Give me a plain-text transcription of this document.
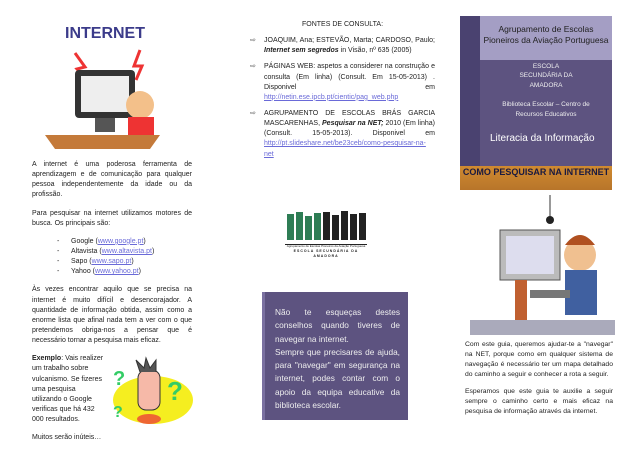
INTERNET

A internet é uma poderosa ferramenta de aprendizagem e de comunicação para qualquer pessoa independentemente da idade ou da profissão.

Para pesquisar na internet utilizamos motores de busca. Os principais são:

- Google (www.google.pt)
- Altavista (www.altavista.pt)
- Sapo (www.sapo.pt)
- Yahoo (www.yahoo.pt)

Às vezes encontrar aquilo que se precisa na internet é muito difícil e desencorajador. A quantidade de informação obtida, assim como a enorme lista que afinal nada tem a ver com o que pretendemos obriga-nos a pensar que é necessário tornar a pesquisa mais eficaz.

Exemplo: Vais realizer um trabalho sobre vulcanismo. Se fizeres uma pesquisa utilizando o Google verificas que há 432 000 resultados.

Muitos serão inúteis…

? ?
?
FONTES DE CONSULTA:
⇨	JOAQUIM, Ana; ESTEVÃO, Marta; CARDOSO, Paulo; Internet sem segredos in Visão, nº 635 (2005)
⇨	PÁGINAS WEB: aspetos a considerer na construção e consulta (Em linha) (Consult. Em 15-05-2013) . Disponivel em http://netin.ese.ipcb.pt/cientic/pag_web.php
⇨	AGRUPAMENTO DE ESCOLAS BRÁS GARCIA MASCARENHAS, Pesquisar na NET; 2010 (Em linha) (Consult. 15-05-2013). Disponivel em http://pt.slideshare.net/be23ceb/como-pesquisar-na-net
Agrupamento de Escolas Pioneiros da Aviação Portuguesa
ESCOLA SECUNDÁRIA DA AMADORA

Não te esqueças destes conselhos quando tiveres de navegar na internet.

Sempre que precisares de ajuda, para "navegar" em segurança na internet, podes contar com o apoio da equipa educative da biblioteca escolar.

Agrupamento de Escolas Pioneiros da Aviação Portuguesa
ESCOLA SECUNDÁRIA DA AMADORA
Biblioteca Escolar – Centro de Recursos Educativos
Literacia da Informação
COMO PESQUISAR NA INTERNET

Com este guia, queremos ajudar-te a "navegar" na NET, porque como em qualquer sistema de navegação é necessário ter um mapa detalhado do caminho a seguir e conhecer a rota a seguir.

Esperamos que este guia te auxilie a seguir sempre o caminho certo e mais eficaz na pesquisa de informação através da internet.
